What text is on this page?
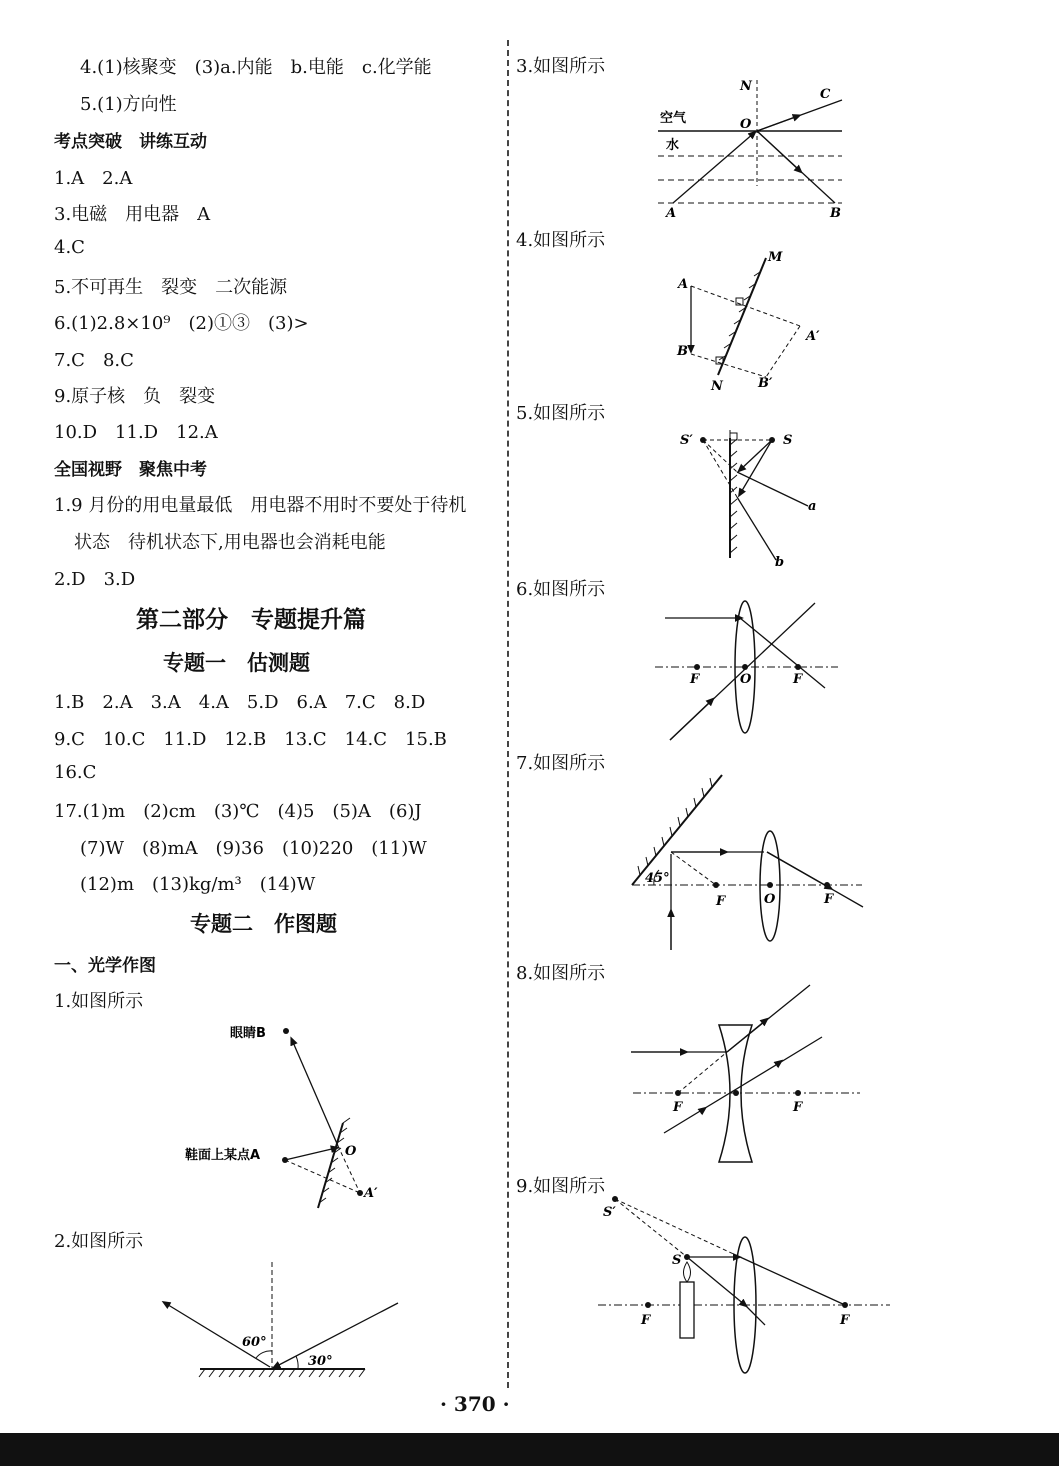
4.(1)核聚变　(3)a.内能　b.电能　c.化学能
5.(1)方向性
考点突破　讲练互动
1.A　2.A
3.电磁　用电器　A
4.C
5.不可再生　裂变　二次能源
6.(1)2.8×10⁹　(2)①③　(3)>
7.C　8.C
9.原子核　负　裂变
10.D　11.D　12.A
全国视野　聚焦中考
1.9 月份的用电量最低　用电器不用时不要处于待机
状态　待机状态下,用电器也会消耗电能
2.D　3.D
第二部分　专题提升篇
专题一　估测题
1.B　2.A　3.A　4.A　5.D　6.A　7.C　8.D
9.C　10.C　11.D　12.B　13.C　14.C　15.B
16.C
17.(1)m　(2)cm　(3)℃　(4)5　(5)A　(6)J
(7)W　(8)mA　(9)36　(10)220　(11)W
(12)m　(13)kg/m³　(14)W
专题二　作图题
一、光学作图
1.如图所示
2.如图所示
3.如图所示
4.如图所示
5.如图所示
6.如图所示
7.如图所示
8.如图所示
9.如图所示
眼睛B
鞋面上某点A	O
A′
60°
30°
N
C
O
空气
水
A	B
M
N
A
B
A′
B′
S′	S
a
b
F	O	F
45°
F	O	F
F	F
S′
S
F	F
· 370 ·
